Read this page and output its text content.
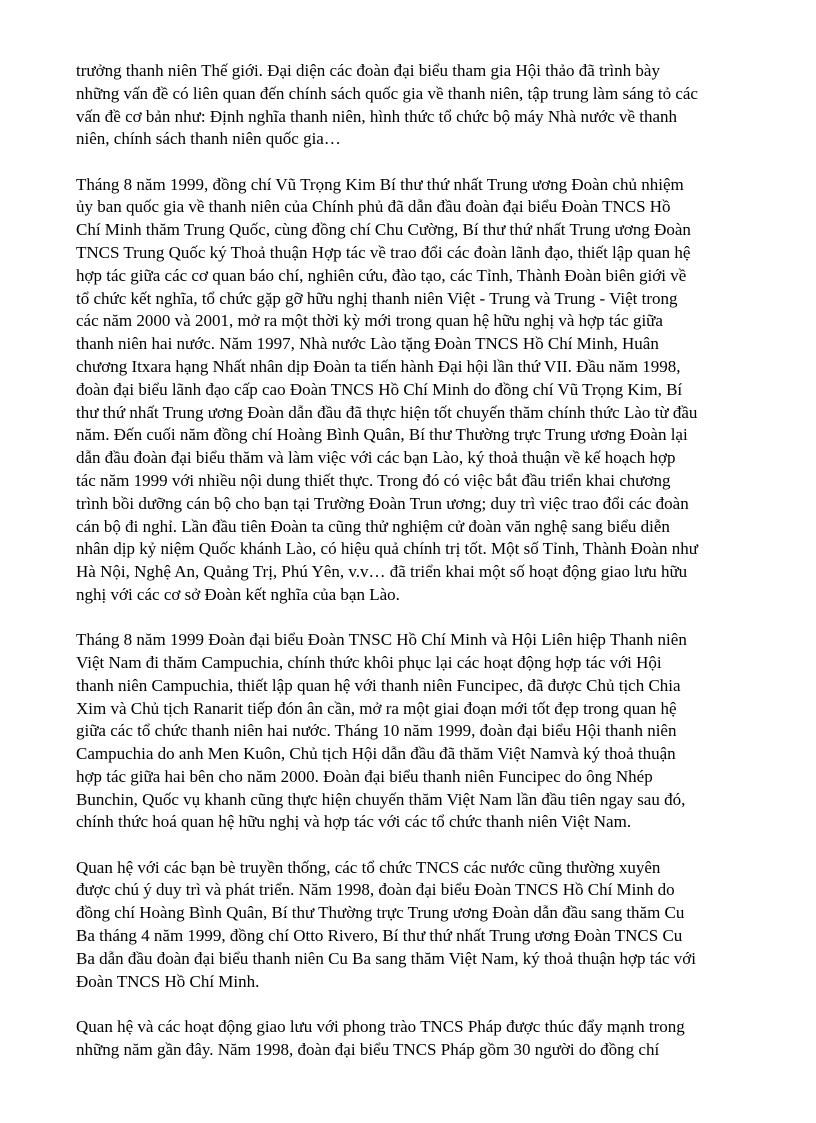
trưởng thanh niên Thế giới. Đại diện các đoàn đại biểu tham gia Hội thảo đã trình bày
những vấn đề có liên quan đến chính sách quốc gia về thanh niên, tập trung làm sáng tỏ các
vấn đề cơ bản như: Định nghĩa thanh niên, hình thức tổ chức bộ máy Nhà nước về thanh
niên, chính sách thanh niên quốc gia…

Tháng 8 năm 1999, đồng chí Vũ Trọng Kim Bí thư thứ nhất Trung ương Đoàn chủ nhiệm
ủy ban quốc gia về thanh niên của Chính phủ đã dẫn đầu đoàn đại biểu Đoàn TNCS Hồ
Chí Minh thăm Trung Quốc, cùng đồng chí Chu Cường, Bí thư thứ nhất Trung ương Đoàn
TNCS Trung Quốc ký Thoả thuận Hợp tác về trao đổi các đoàn lãnh đạo, thiết lập quan hệ
hợp tác giữa các cơ quan báo chí, nghiên cứu, đào tạo, các Tỉnh, Thành Đoàn biên giới về
tổ chức kết nghĩa, tổ chức gặp gỡ hữu nghị thanh niên Việt - Trung và Trung - Việt trong
các năm 2000 và 2001, mở ra một thời kỳ mới trong quan hệ hữu nghị và hợp tác giữa
thanh niên hai nước. Năm 1997, Nhà nước Lào tặng Đoàn TNCS Hồ Chí Minh, Huân
chương Itxara hạng Nhất nhân dịp Đoàn ta tiến hành Đại hội lần thứ VII. Đầu năm 1998,
đoàn đại biểu lãnh đạo cấp cao Đoàn TNCS Hồ Chí Minh do đồng chí Vũ Trọng Kim, Bí
thư thứ nhất Trung ương Đoàn dẫn đầu đã thực hiện tốt chuyến thăm chính thức Lào từ đầu
năm. Đến cuối năm đồng chí Hoàng Bình Quân, Bí thư Thường trực Trung ương Đoàn lại
dẫn đầu đoàn đại biểu thăm và làm việc với các bạn Lào, ký thoả thuận về kế hoạch hợp
tác năm 1999 với nhiều nội dung thiết thực. Trong đó có việc bắt đầu triển khai chương
trình bồi dưỡng cán bộ cho bạn tại Trường Đoàn Trun ương; duy trì việc trao đổi các đoàn
cán bộ đi nghỉ. Lần đầu tiên Đoàn ta cũng thử nghiệm cử đoàn văn nghệ sang biểu diễn
nhân dịp kỷ niệm Quốc khánh Lào, có hiệu quả chính trị tốt. Một số Tỉnh, Thành Đoàn như
Hà Nội, Nghệ An, Quảng Trị, Phú Yên, v.v… đã triển khai một số hoạt động giao lưu hữu
nghị với các cơ sở Đoàn kết nghĩa của bạn Lào.

Tháng 8 năm 1999 Đoàn đại biểu Đoàn TNSC Hồ Chí Minh và Hội Liên hiệp Thanh niên
Việt Nam đi thăm Campuchia, chính thức khôi phục lại các hoạt động hợp tác với Hội
thanh niên Campuchia, thiết lập quan hệ với thanh niên Funcipec, đã được Chủ tịch Chia
Xim và Chủ tịch Ranarit tiếp đón ân cần, mở ra một giai đoạn mới tốt đẹp trong quan hệ
giữa các tổ chức thanh niên hai nước. Tháng 10 năm 1999, đoàn đại biểu Hội thanh niên
Campuchia do anh Men Kuôn, Chủ tịch Hội dẫn đầu đã thăm Việt Namvà ký thoả thuận
hợp tác giữa hai bên cho năm 2000. Đoàn đại biểu thanh niên Funcipec do ông Nhép
Bunchin, Quốc vụ khanh cũng thực hiện chuyến thăm Việt Nam lần đầu tiên ngay sau đó,
chính thức hoá quan hệ hữu nghị và hợp tác với các tổ chức thanh niên Việt Nam.

Quan hệ với các bạn bè truyền thống, các tổ chức TNCS các nước cũng thường xuyên
được chú ý duy trì và phát triển. Năm 1998, đoàn đại biểu Đoàn TNCS Hồ Chí Minh do
đồng chí Hoàng Bình Quân, Bí thư Thường trực Trung ương Đoàn dẫn đầu sang thăm Cu
Ba tháng 4 năm 1999, đồng chí Otto Rivero, Bí thư thứ nhất Trung ương Đoàn TNCS Cu
Ba dẫn đầu đoàn đại biểu thanh niên Cu Ba sang thăm Việt Nam, ký thoả thuận hợp tác với
Đoàn TNCS Hồ Chí Minh.

Quan hệ và các hoạt động giao lưu với phong trào TNCS Pháp được thúc đẩy mạnh trong
những năm gần đây. Năm 1998, đoàn đại biểu TNCS Pháp gồm 30 người do đồng chí
